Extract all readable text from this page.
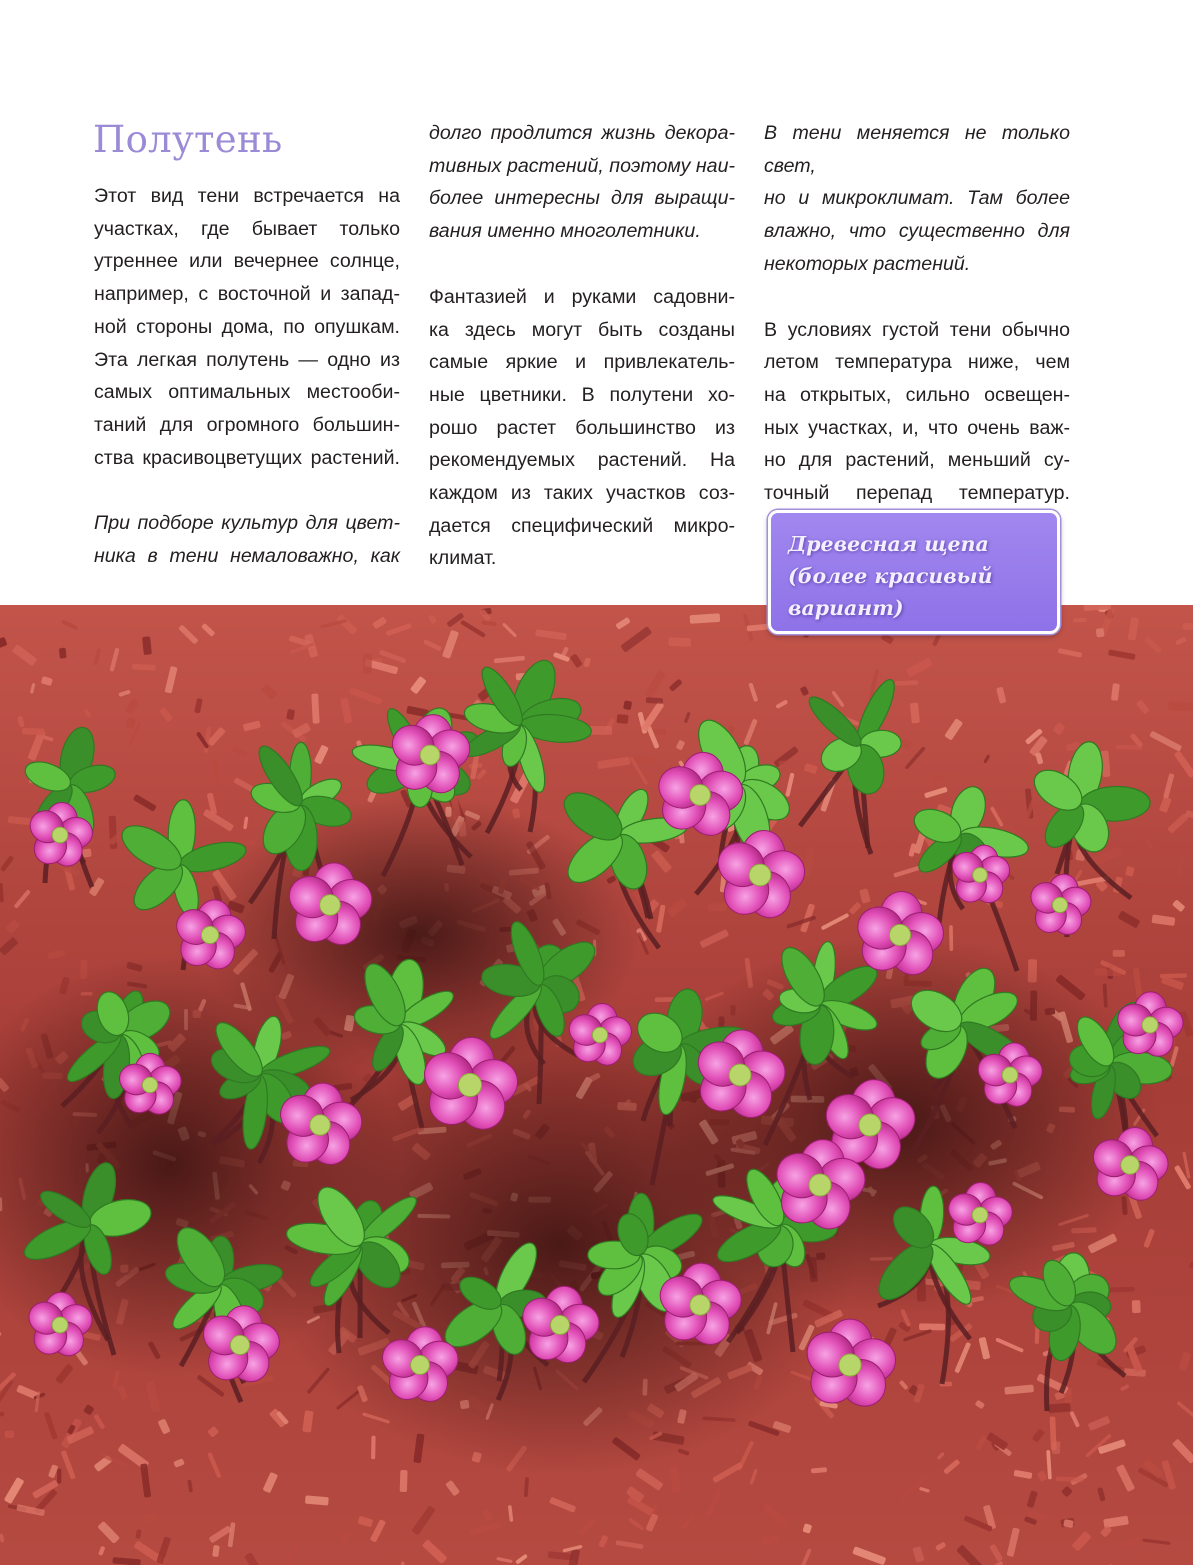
Полутень

Этот вид тени встречается на

участках, где бывает только

утреннее или вечернее солнце,

например, с восточной и запад-

ной стороны дома, по опушкам.

Эта легкая полутень — одно из

самых оптимальных местооби-

таний для огромного большин-

ства красивоцветущих растений.

При подборе культур для цвет-

ника в тени немаловажно, как

долго продлится жизнь декора-

тивных растений, поэтому наи-

более интересны для выращи-

вания именно многолетники.

Фантазией и руками садовни-

ка здесь могут быть созданы

самые яркие и привлекатель-

ные цветники. В полутени хо-

рошо растет большинство из

рекомендуемых растений. На

каждом из таких участков соз-

дается специфический микро-

климат.

В тени меняется не только свет,

но и микроклимат. Там более

влажно, что существенно для

некоторых растений.

В условиях густой тени обычно

летом температура ниже, чем

на открытых, сильно освещен-

ных участках, и, что очень важ-

но для растений, меньший су-

точный перепад температур.

Древесная щепа
(более красивый
вариант)
